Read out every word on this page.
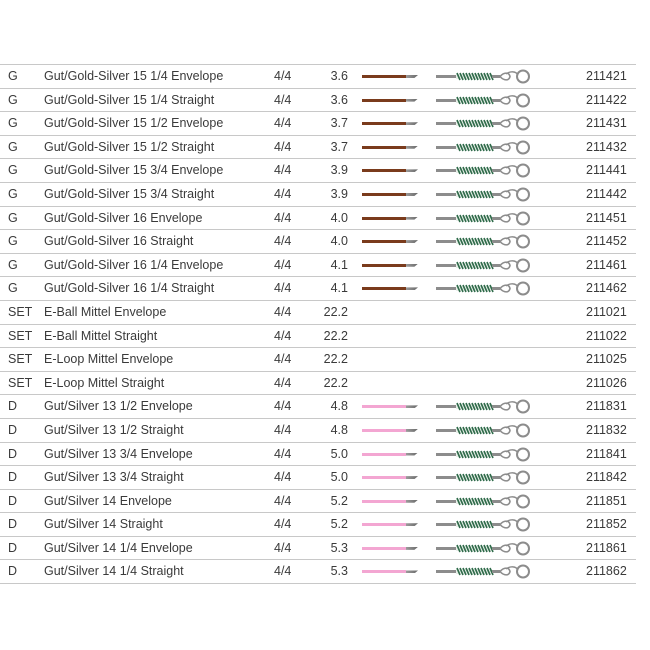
G Gut/Gold-Silver 15 1/4 Envelope	4/4	3.6	211421
G Gut/Gold-Silver 15 1/4 Straight	4/4	3.6	211422
G Gut/Gold-Silver 15 1/2 Envelope	4/4	3.7	211431
G Gut/Gold-Silver 15 1/2 Straight	4/4	3.7	211432
G Gut/Gold-Silver 15 3/4 Envelope	4/4	3.9	211441
G Gut/Gold-Silver 15 3/4 Straight	4/4	3.9	211442
G Gut/Gold-Silver 16 Envelope	4/4	4.0	211451
G Gut/Gold-Silver 16 Straight	4/4	4.0	211452
G Gut/Gold-Silver 16 1/4 Envelope	4/4	4.1	211461
G Gut/Gold-Silver 16 1/4 Straight	4/4	4.1	211462
SET E-Ball Mittel Envelope	4/4	22.2	211021
SET E-Ball Mittel Straight	4/4	22.2	211022
SET E-Loop Mittel Envelope	4/4	22.2	211025
SET E-Loop Mittel Straight	4/4	22.2	211026
D Gut/Silver 13 1/2 Envelope	4/4	4.8	211831
D Gut/Silver 13 1/2 Straight	4/4	4.8	211832
D Gut/Silver 13 3/4 Envelope	4/4	5.0	211841
D Gut/Silver 13 3/4 Straight	4/4	5.0	211842
D Gut/Silver 14 Envelope	4/4	5.2	211851
D Gut/Silver 14 Straight	4/4	5.2	211852
D Gut/Silver 14 1/4 Envelope	4/4	5.3	211861
D Gut/Silver 14 1/4 Straight	4/4	5.3	211862
